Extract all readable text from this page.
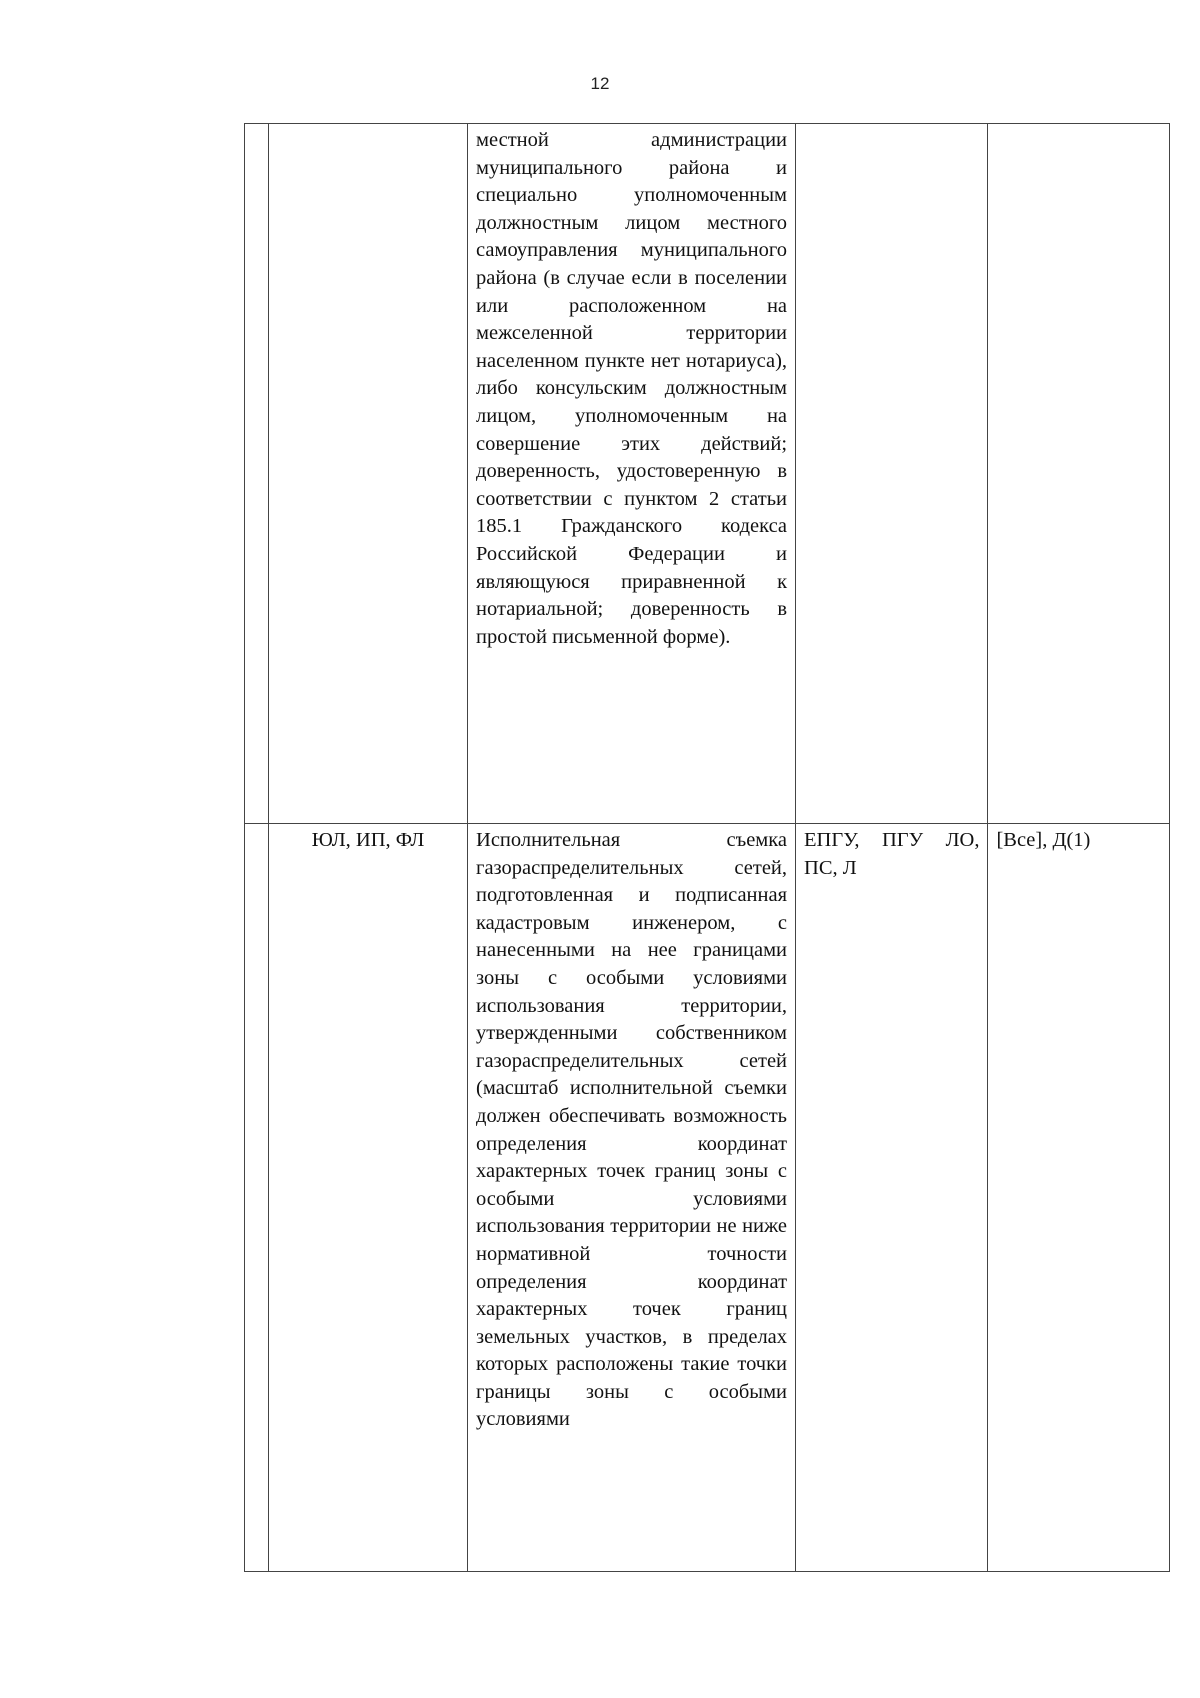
12
		местной администрации муниципального района и специально уполномоченным должностным лицом местного самоуправления муниципального района (в случае если в поселении или расположенном на межселенной территории населенном пункте нет нотариуса), либо консульским должностным лицом, уполномоченным на совершение этих действий; доверенность, удостоверенную в соответствии с пунктом 2 статьи 185.1 Гражданского кодекса Российской Федерации и являющуюся приравненной к нотариальной; доверенность в простой письменной форме).		
	ЮЛ, ИП, ФЛ	Исполнительная съемка газораспределительных сетей, подготовленная и подписанная кадастровым инженером, с нанесенными на нее границами зоны с особыми условиями использования территории, утвержденными собственником газораспределительных сетей (масштаб исполнительной съемки должен обеспечивать возможность определения координат характерных точек границ зоны с особыми условиями использования территории не ниже нормативной точности определения координат характерных точек границ земельных участков, в пределах которых расположены такие точки границы зоны с особыми условиями	ЕПГУ, ПГУ ЛО, ПС, Л	[Все], Д(1)
